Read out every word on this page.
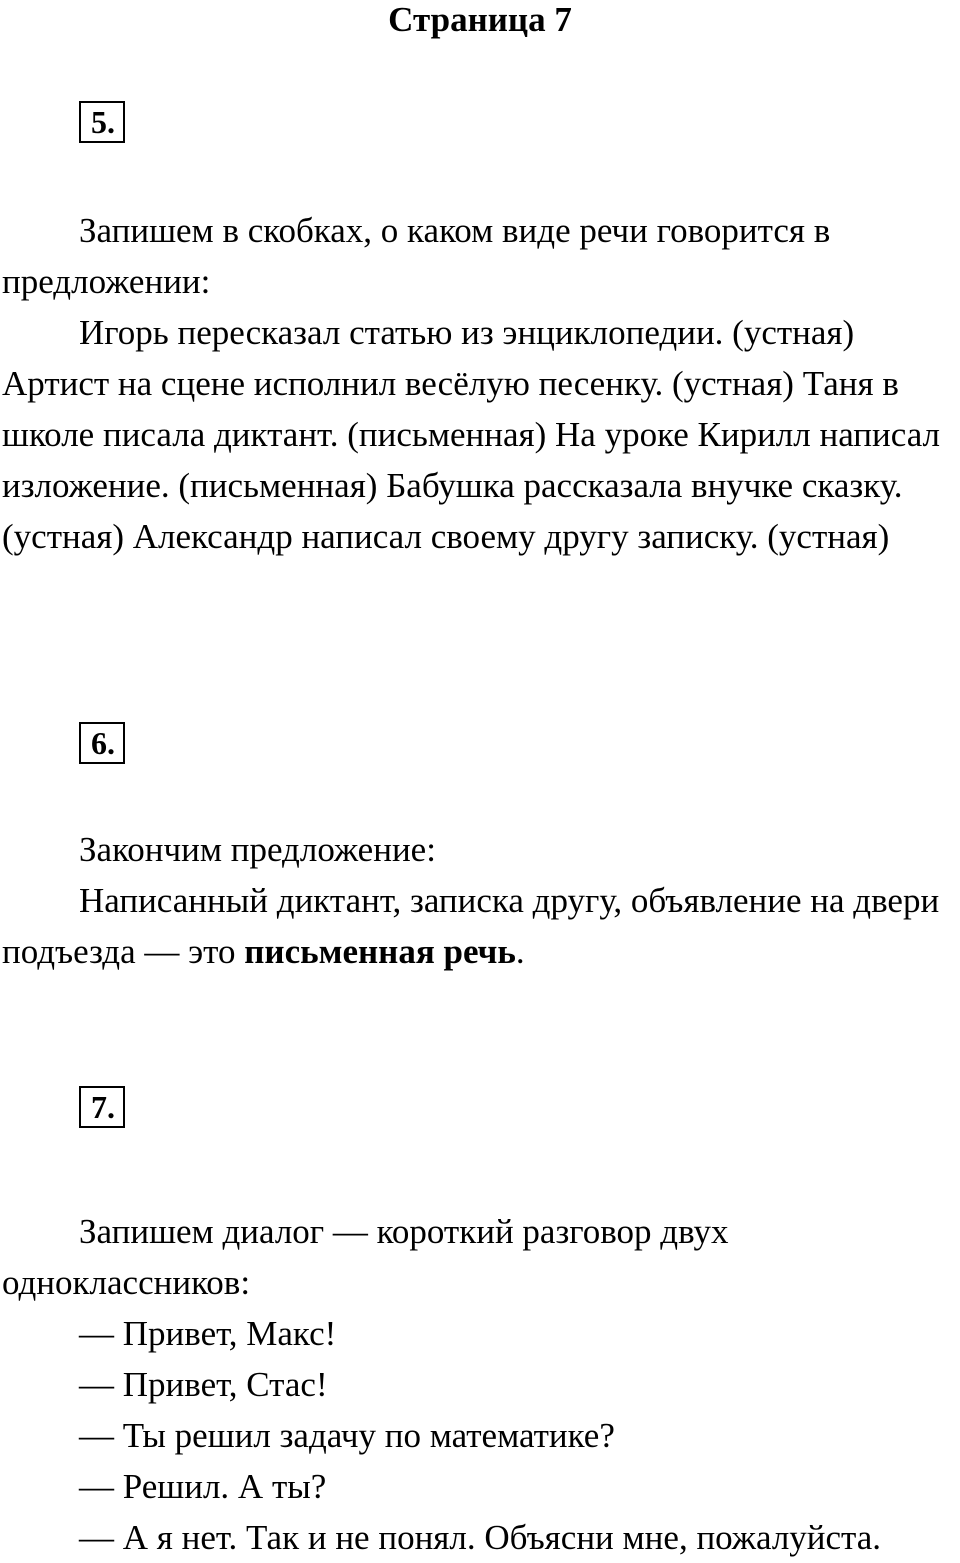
Страница 7
5.

Запишем в скобках, о каком виде речи говорится в предложении:

Игорь пересказал статью из энциклопедии. (устная) Артист на сцене исполнил весёлую песенку. (устная) Таня в школе писала диктант. (письменная) На уроке Кирилл написал изложение. (письменная) Бабушка рассказала внучке сказку. (устная) Александр написал своему другу записку. (устная)

6.

Закончим предложение:

Написанный диктант, записка другу, объявление на двери подъезда — это письменная речь.

7.

Запишем диалог — короткий разговор двух одноклассников:

— Привет, Макс!

— Привет, Стас!

— Ты решил задачу по математике?

— Решил. А ты?

— А я нет. Так и не понял. Объясни мне, пожалуйста.
